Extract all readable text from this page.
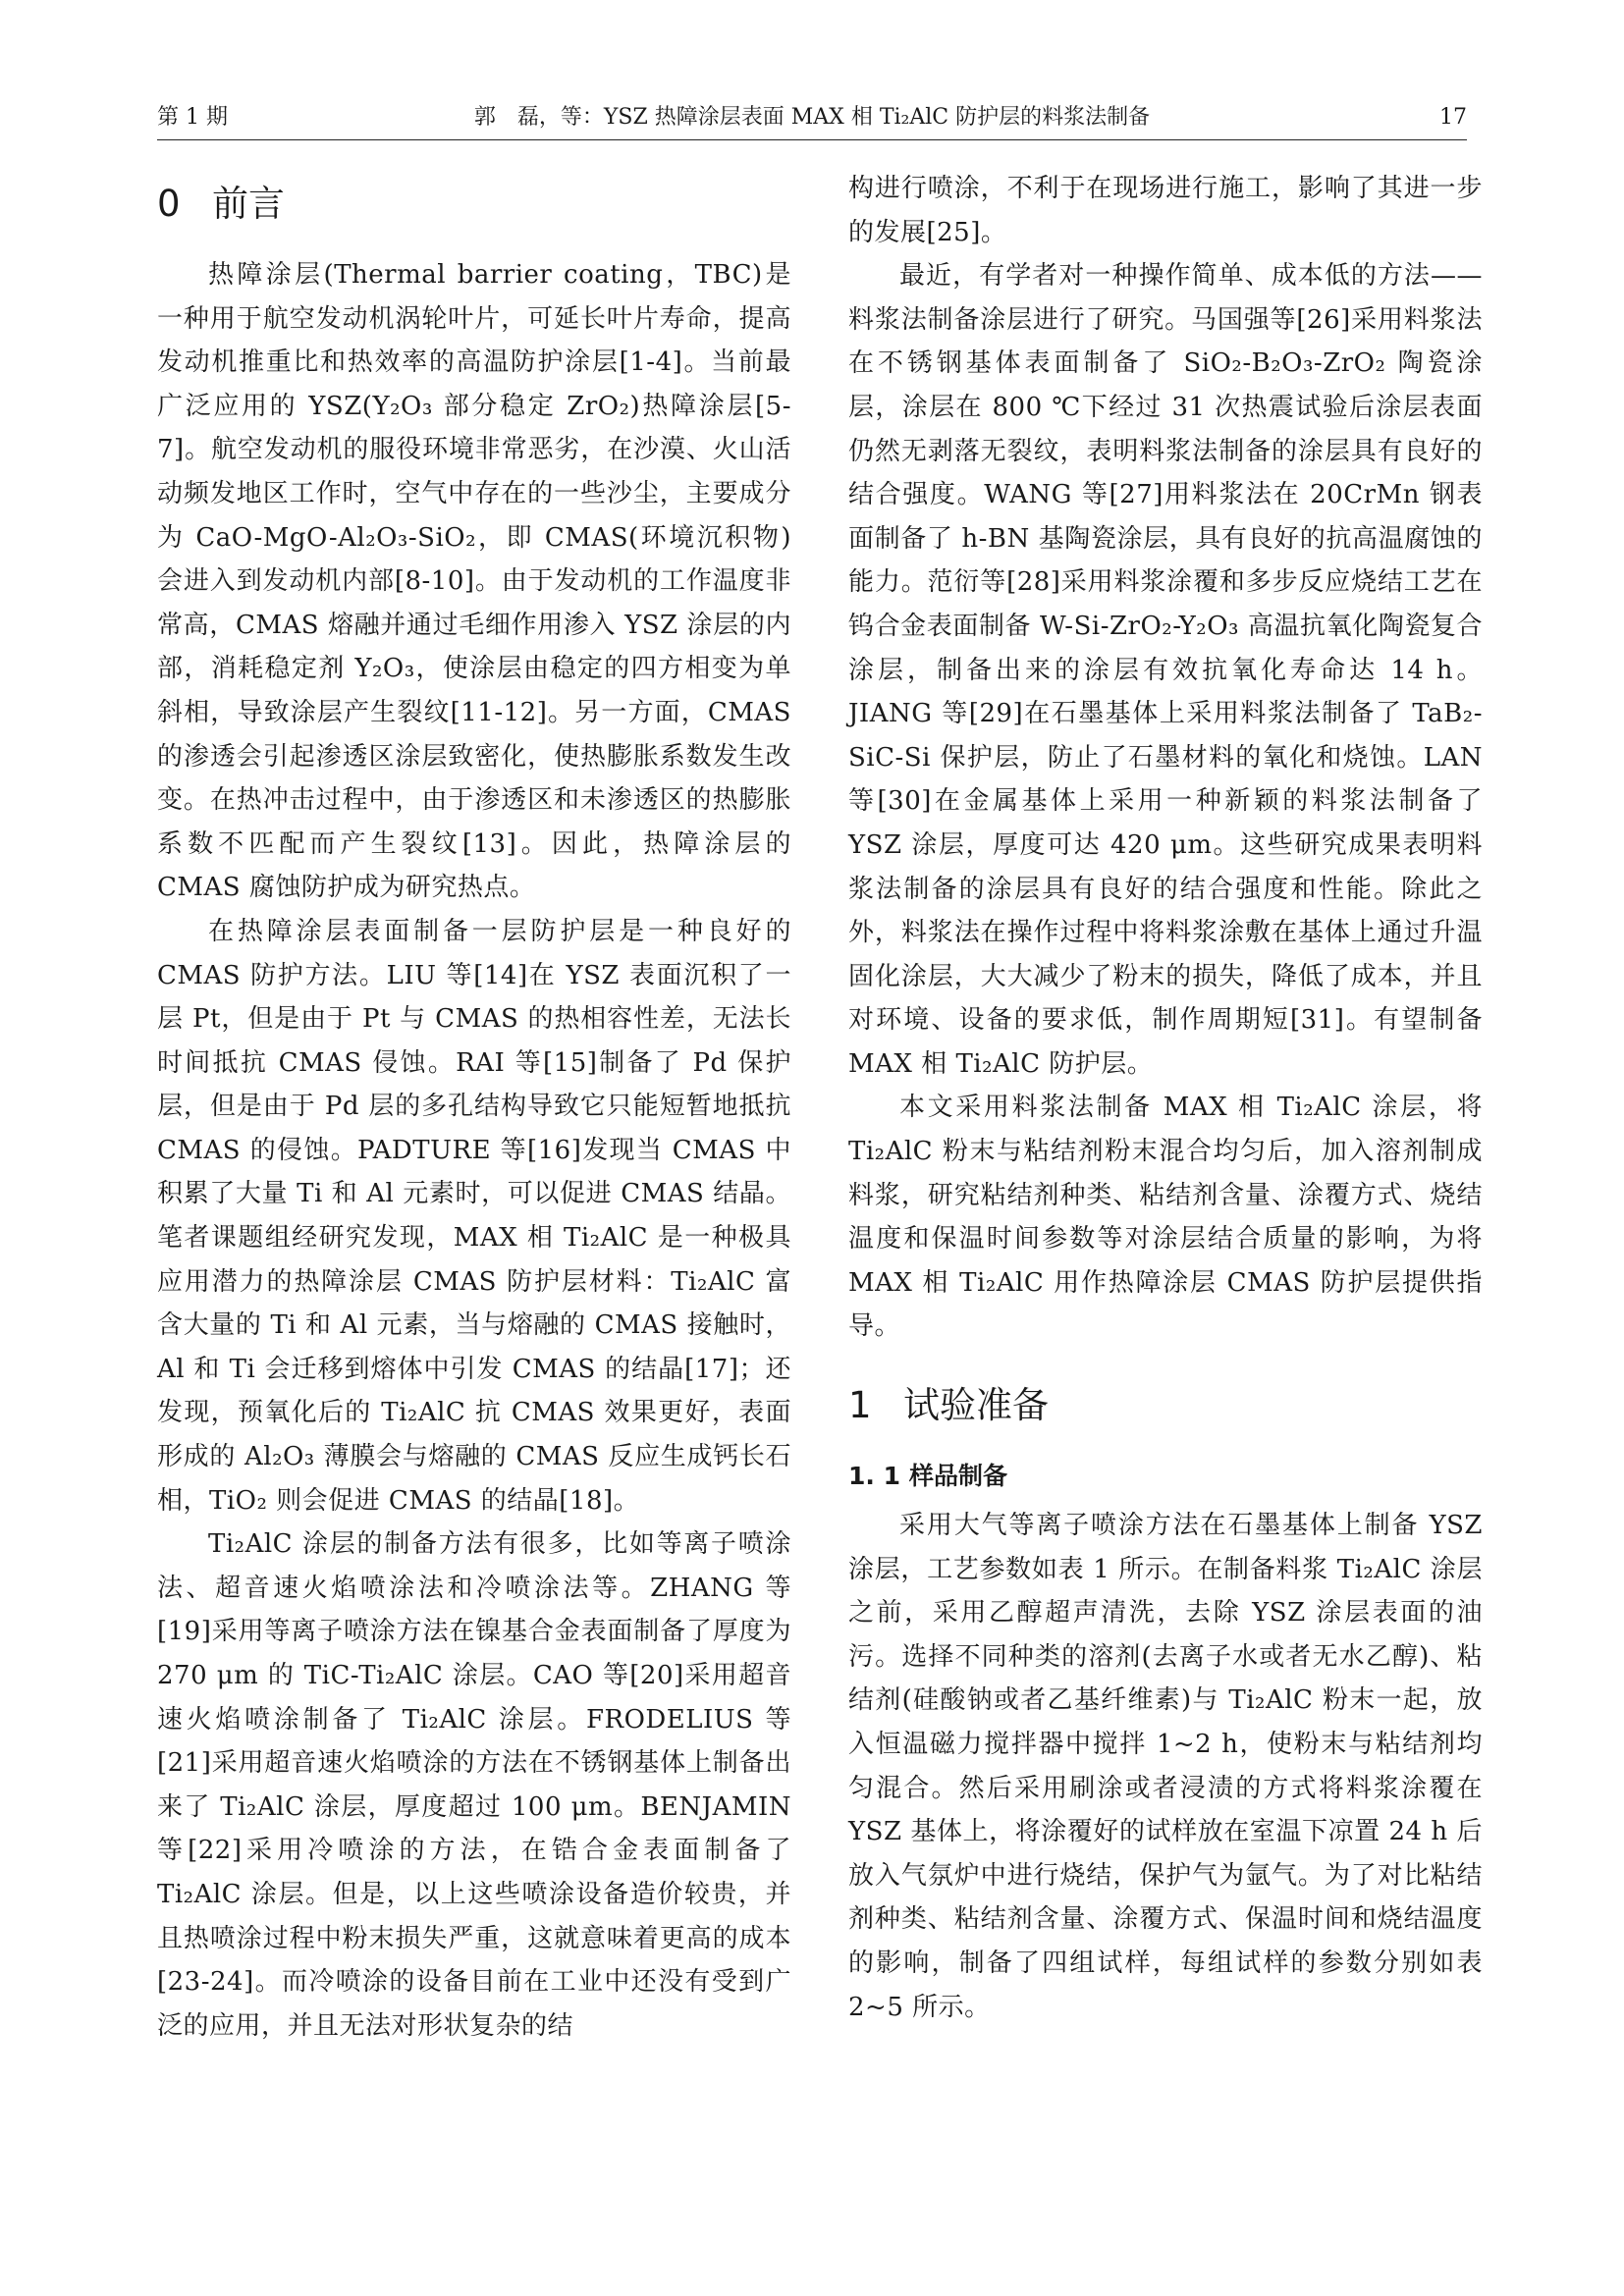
第 1 期	郭　磊，等：YSZ 热障涂层表面 MAX 相 Ti₂AlC 防护层的料浆法制备	17
0 前言

热障涂层(Thermal barrier coating，TBC)是一种用于航空发动机涡轮叶片，可延长叶片寿命，提高发动机推重比和热效率的高温防护涂层[1-4]。当前最广泛应用的 YSZ(Y₂O₃ 部分稳定 ZrO₂)热障涂层[5-7]。航空发动机的服役环境非常恶劣，在沙漠、火山活动频发地区工作时，空气中存在的一些沙尘，主要成分为 CaO-MgO-Al₂O₃-SiO₂，即 CMAS(环境沉积物)会进入到发动机内部[8-10]。由于发动机的工作温度非常高，CMAS 熔融并通过毛细作用渗入 YSZ 涂层的内部，消耗稳定剂 Y₂O₃，使涂层由稳定的四方相变为单斜相，导致涂层产生裂纹[11-12]。另一方面，CMAS 的渗透会引起渗透区涂层致密化，使热膨胀系数发生改变。在热冲击过程中，由于渗透区和未渗透区的热膨胀系数不匹配而产生裂纹[13]。因此，热障涂层的 CMAS 腐蚀防护成为研究热点。

在热障涂层表面制备一层防护层是一种良好的 CMAS 防护方法。LIU 等[14]在 YSZ 表面沉积了一层 Pt，但是由于 Pt 与 CMAS 的热相容性差，无法长时间抵抗 CMAS 侵蚀。RAI 等[15]制备了 Pd 保护层，但是由于 Pd 层的多孔结构导致它只能短暂地抵抗 CMAS 的侵蚀。PADTURE 等[16]发现当 CMAS 中积累了大量 Ti 和 Al 元素时，可以促进 CMAS 结晶。笔者课题组经研究发现，MAX 相 Ti₂AlC 是一种极具应用潜力的热障涂层 CMAS 防护层材料：Ti₂AlC 富含大量的 Ti 和 Al 元素，当与熔融的 CMAS 接触时，Al 和 Ti 会迁移到熔体中引发 CMAS 的结晶[17]；还发现，预氧化后的 Ti₂AlC 抗 CMAS 效果更好，表面形成的 Al₂O₃ 薄膜会与熔融的 CMAS 反应生成钙长石相，TiO₂ 则会促进 CMAS 的结晶[18]。

Ti₂AlC 涂层的制备方法有很多，比如等离子喷涂法、超音速火焰喷涂法和冷喷涂法等。ZHANG 等[19]采用等离子喷涂方法在镍基合金表面制备了厚度为 270 μm 的 TiC-Ti₂AlC 涂层。CAO 等[20]采用超音速火焰喷涂制备了 Ti₂AlC 涂层。FRODELIUS 等[21]采用超音速火焰喷涂的方法在不锈钢基体上制备出来了 Ti₂AlC 涂层，厚度超过 100 μm。BENJAMIN 等[22]采用冷喷涂的方法，在锆合金表面制备了 Ti₂AlC 涂层。但是，以上这些喷涂设备造价较贵，并且热喷涂过程中粉末损失严重，这就意味着更高的成本[23-24]。而冷喷涂的设备目前在工业中还没有受到广泛的应用，并且无法对形状复杂的结

构进行喷涂，不利于在现场进行施工，影响了其进一步的发展[25]。

最近，有学者对一种操作简单、成本低的方法——料浆法制备涂层进行了研究。马国强等[26]采用料浆法在不锈钢基体表面制备了 SiO₂-B₂O₃-ZrO₂ 陶瓷涂层，涂层在 800 ℃下经过 31 次热震试验后涂层表面仍然无剥落无裂纹，表明料浆法制备的涂层具有良好的结合强度。WANG 等[27]用料浆法在 20CrMn 钢表面制备了 h-BN 基陶瓷涂层，具有良好的抗高温腐蚀的能力。范衍等[28]采用料浆涂覆和多步反应烧结工艺在钨合金表面制备 W-Si-ZrO₂-Y₂O₃ 高温抗氧化陶瓷复合涂层，制备出来的涂层有效抗氧化寿命达 14 h。JIANG 等[29]在石墨基体上采用料浆法制备了 TaB₂-SiC-Si 保护层，防止了石墨材料的氧化和烧蚀。LAN 等[30]在金属基体上采用一种新颖的料浆法制备了 YSZ 涂层，厚度可达 420 μm。这些研究成果表明料浆法制备的涂层具有良好的结合强度和性能。除此之外，料浆法在操作过程中将料浆涂敷在基体上通过升温固化涂层，大大减少了粉末的损失，降低了成本，并且对环境、设备的要求低，制作周期短[31]。有望制备 MAX 相 Ti₂AlC 防护层。

本文采用料浆法制备 MAX 相 Ti₂AlC 涂层，将 Ti₂AlC 粉末与粘结剂粉末混合均匀后，加入溶剂制成料浆，研究粘结剂种类、粘结剂含量、涂覆方式、烧结温度和保温时间参数等对涂层结合质量的影响，为将 MAX 相 Ti₂AlC 用作热障涂层 CMAS 防护层提供指导。

1 试验准备
1. 1 样品制备

采用大气等离子喷涂方法在石墨基体上制备 YSZ 涂层，工艺参数如表 1 所示。在制备料浆 Ti₂AlC 涂层之前，采用乙醇超声清洗，去除 YSZ 涂层表面的油污。选择不同种类的溶剂(去离子水或者无水乙醇)、粘结剂(硅酸钠或者乙基纤维素)与 Ti₂AlC 粉末一起，放入恒温磁力搅拌器中搅拌 1~2 h，使粉末与粘结剂均匀混合。然后采用刷涂或者浸渍的方式将料浆涂覆在 YSZ 基体上，将涂覆好的试样放在室温下凉置 24 h 后放入气氛炉中进行烧结，保护气为氩气。为了对比粘结剂种类、粘结剂含量、涂覆方式、保温时间和烧结温度的影响，制备了四组试样，每组试样的参数分别如表 2~5 所示。
